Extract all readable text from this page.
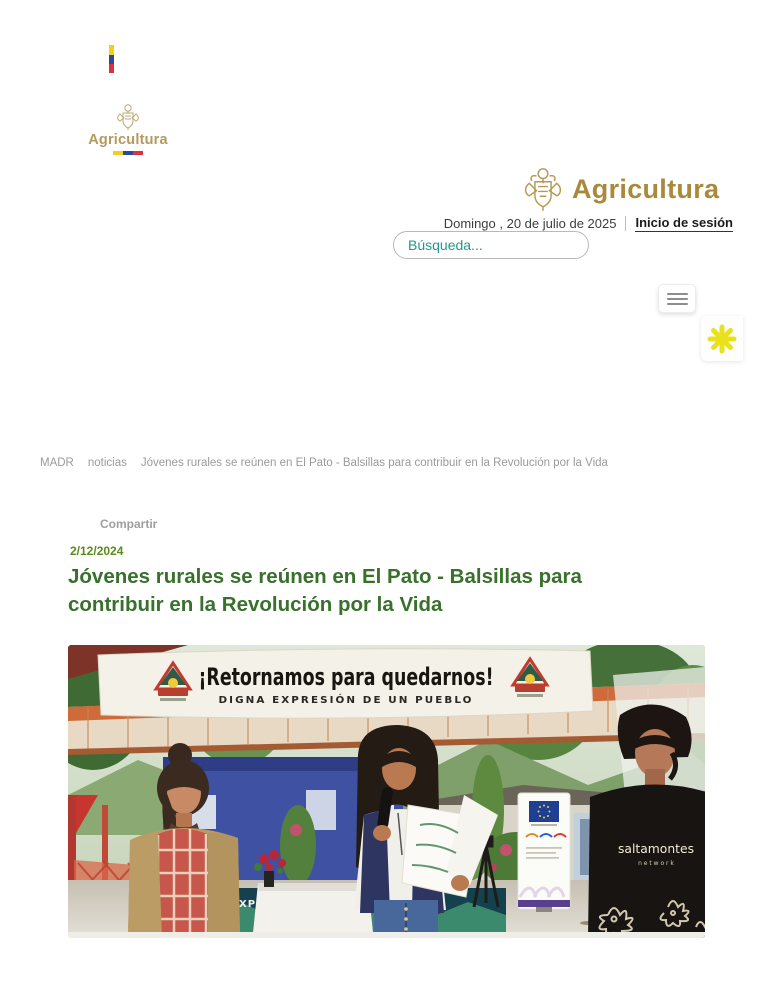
Agricultura
Agricultura
Domingo , 20 de julio de 2025 Inicio de sesión
Búsqueda...
MADR noticias Jóvenes rurales se reúnen en El Pato - Balsillas para contribuir en la Revolución por la Vida
Compartir
2/12/2024
Jóvenes rurales se reúnen en El Pato - Balsillas para contribuir en la Revolución por la Vida
¡Retornamos para quedarnos!
DIGNA EXPRESIÓN DE UN PUEBLO
saltamontes
n e t w o r k
